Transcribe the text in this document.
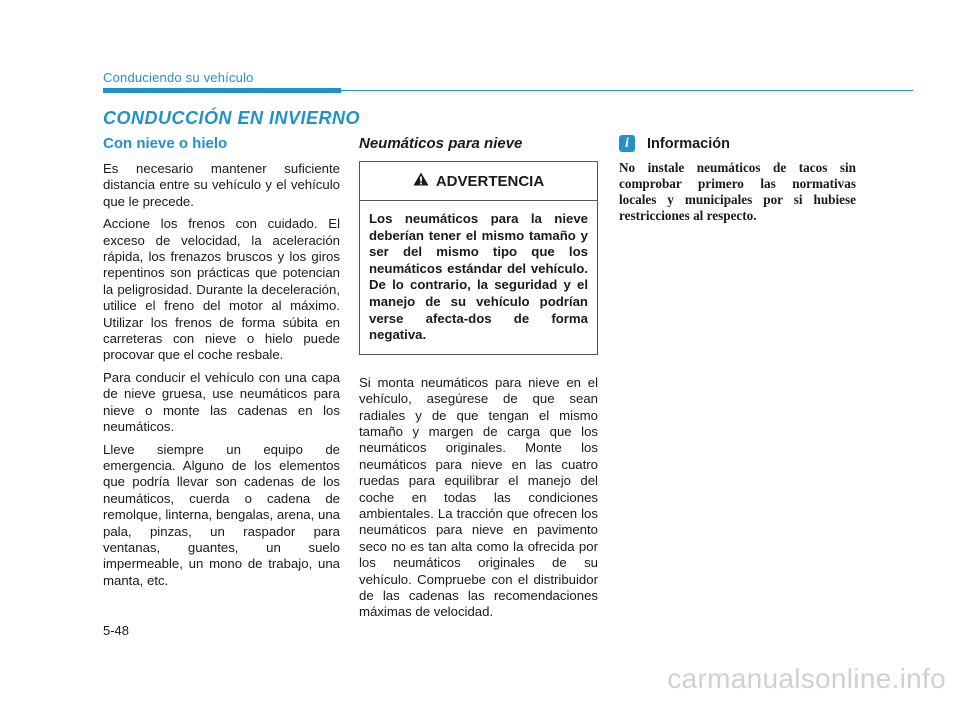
Conduciendo su vehículo
CONDUCCIÓN EN INVIERNO
Con nieve o hielo

Es necesario mantener suficiente distancia entre su vehículo y el vehículo que le precede.

Accione los frenos con cuidado. El exceso de velocidad, la aceleración rápida, los frenazos bruscos y los giros repentinos son prácticas que potencian la peligrosidad. Durante la deceleración, utilice el freno del motor al máximo. Utilizar los frenos de forma súbita en carreteras con nieve o hielo puede procovar que el coche resbale.

Para conducir el vehículo con una capa de nieve gruesa, use neumáticos para nieve o monte las cadenas en los neumáticos.

Lleve siempre un equipo de emergencia. Alguno de los elementos que podría llevar son cadenas de los neumáticos, cuerda o cadena de remolque, linterna, bengalas, arena, una pala, pinzas, un raspador para ventanas, guantes, un suelo impermeable, un mono de trabajo, una manta, etc.

Neumáticos para nieve
ADVERTENCIA
Los neumáticos para la nieve deberían tener el mismo tamaño y ser del mismo tipo que los neumáticos estándar del vehículo. De lo contrario, la seguridad y el manejo de su vehículo podrían verse afecta-dos de forma negativa.

Si monta neumáticos para nieve en el vehículo, asegúrese de que sean radiales y de que tengan el mismo tamaño y margen de carga que los neumáticos originales. Monte los neumáticos para nieve en las cuatro ruedas para equilibrar el manejo del coche en todas las condiciones ambientales. La tracción que ofrecen los neumáticos para nieve en pavimento seco no es tan alta como la ofrecida por los neumáticos originales de su vehículo. Compruebe con el distribuidor de las cadenas las recomendaciones máximas de velocidad.

i	Información
No instale neumáticos de tacos sin comprobar primero las normativas locales y municipales por si hubiese restricciones al respecto.
5-48
carmanualsonline.info
